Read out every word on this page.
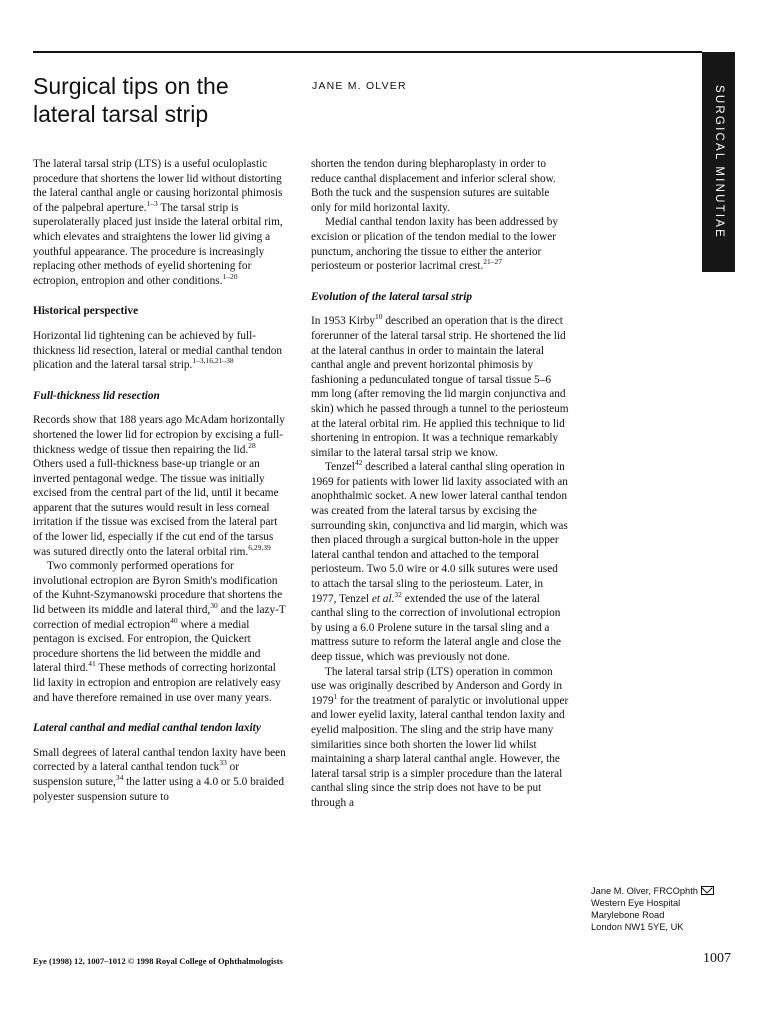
SURGICAL MINUTIAE
Surgical tips on the
lateral tarsal strip
JANE M. OLVER

The lateral tarsal strip (LTS) is a useful oculoplastic procedure that shortens the lower lid without distorting the lateral canthal angle or causing horizontal phimosis of the palpebral aperture.$^{1-3}$ The tarsal strip is superolaterally placed just inside the lateral orbital rim, which elevates and straightens the lower lid giving a youthful appearance. The procedure is increasingly replacing other methods of eyelid shortening for ectropion, entropion and other conditions.$^{1-20}$

Historical perspective

Horizontal lid tightening can be achieved by full-thickness lid resection, lateral or medial canthal tendon plication and the lateral tarsal strip.$^{1-3,16,21-38}$

Full-thickness lid resection

Records show that 188 years ago McAdam horizontally shortened the lower lid for ectropion by excising a full-thickness wedge of tissue then repairing the lid.$^{28}$ Others used a full-thickness base-up triangle or an inverted pentagonal wedge. The tissue was initially excised from the central part of the lid, until it became apparent that the sutures would result in less corneal irritation if the tissue was excised from the lateral part of the lower lid, especially if the cut end of the tarsus was sutured directly onto the lateral orbital rim.$^{6,29,39}$

Two commonly performed operations for involutional ectropion are Byron Smith's modification of the Kuhnt-Szymanowski procedure that shortens the lid between its middle and lateral third,$^{30}$ and the lazy-T correction of medial ectropion$^{40}$ where a medial pentagon is excised. For entropion, the Quickert procedure shortens the lid between the middle and lateral third.$^{41}$ These methods of correcting horizontal lid laxity in ectropion and entropion are relatively easy and have therefore remained in use over many years.

Lateral canthal and medial canthal tendon laxity

Small degrees of lateral canthal tendon laxity have been corrected by a lateral canthal tendon tuck$^{33}$ or suspension suture,$^{34}$ the latter using a 4.0 or 5.0 braided polyester suspension suture to

shorten the tendon during blepharoplasty in order to reduce canthal displacement and inferior scleral show. Both the tuck and the suspension sutures are suitable only for mild horizontal laxity.

Medial canthal tendon laxity has been addressed by excision or plication of the tendon medial to the lower punctum, anchoring the tissue to either the anterior periosteum or posterior lacrimal crest.$^{21-27}$

Evolution of the lateral tarsal strip

In 1953 Kirby$^{10}$ described an operation that is the direct forerunner of the lateral tarsal strip. He shortened the lid at the lateral canthus in order to maintain the lateral canthal angle and prevent horizontal phimosis by fashioning a pedunculated tongue of tarsal tissue 5–6 mm long (after removing the lid margin conjunctiva and skin) which he passed through a tunnel to the periosteum at the lateral orbital rim. He applied this technique to lid shortening in entropion. It was a technique remarkably similar to the lateral tarsal strip we know.

Tenzel$^{42}$ described a lateral canthal sling operation in 1969 for patients with lower lid laxity associated with an anophthalmic socket. A new lower lateral canthal tendon was created from the lateral tarsus by excising the surrounding skin, conjunctiva and lid margin, which was then placed through a surgical button-hole in the upper lateral canthal tendon and attached to the temporal periosteum. Two 5.0 wire or 4.0 silk sutures were used to attach the tarsal sling to the periosteum. Later, in 1977, Tenzel et al.$^{32}$ extended the use of the lateral canthal sling to the correction of involutional ectropion by using a 6.0 Prolene suture in the tarsal sling and a mattress suture to reform the lateral angle and close the deep tissue, which was previously not done.

The lateral tarsal strip (LTS) operation in common use was originally described by Anderson and Gordy in 1979$^1$ for the treatment of paralytic or involutional upper and lower eyelid laxity, lateral canthal tendon laxity and eyelid malposition. The sling and the strip have many similarities since both shorten the lower lid whilst maintaining a sharp lateral canthal angle. However, the lateral tarsal strip is a simpler procedure than the lateral canthal sling since the strip does not have to be put through a

Jane M. Olver, FRCOphth
Western Eye Hospital
Marylebone Road
London NW1 5YE, UK
Eye (1998) 12, 1007–1012 © 1998 Royal College of Ophthalmologists	1007
